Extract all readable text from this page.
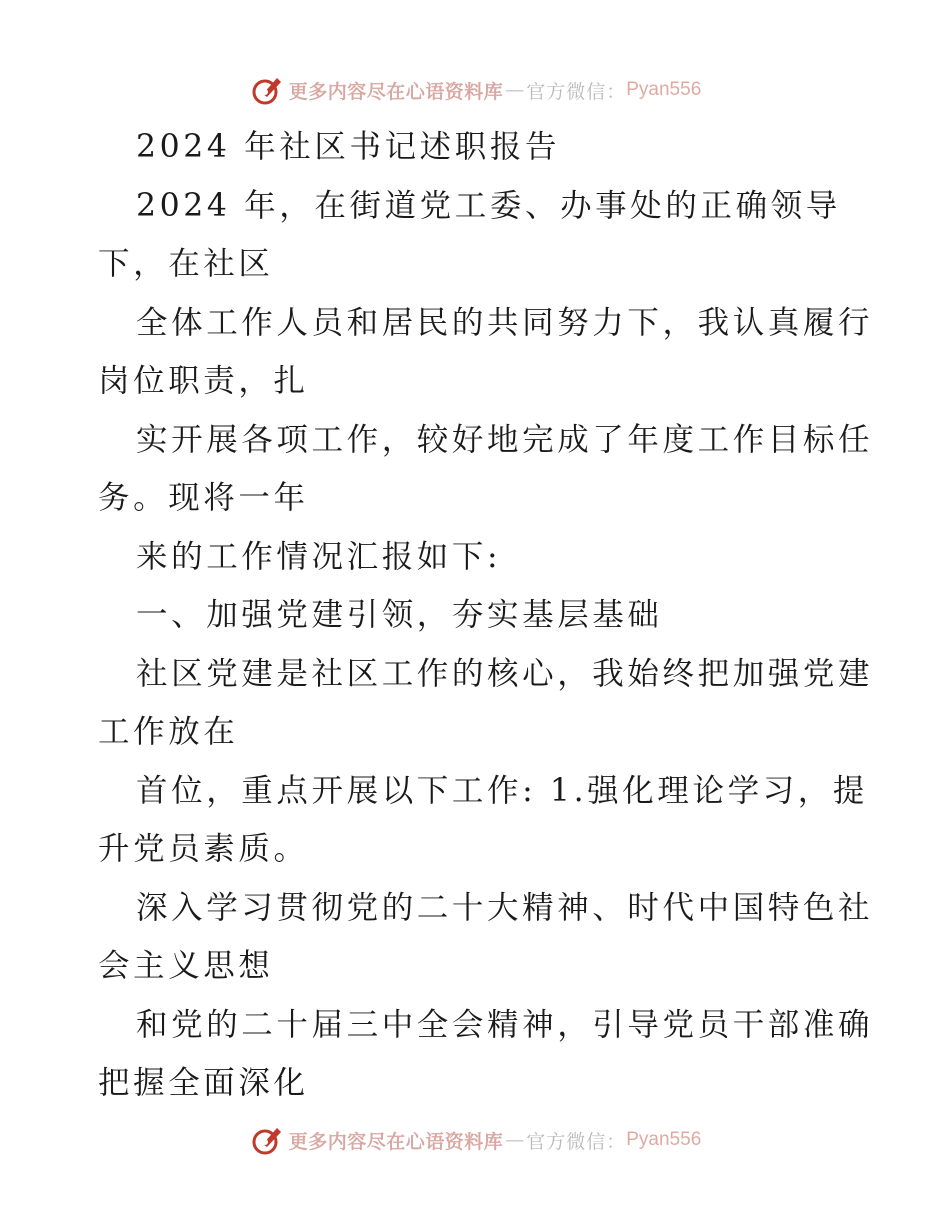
更多内容尽在心语资料库 — 官方微信： Pyan556
2024 年社区书记述职报告
2024 年，在街道党工委、办事处的正确领导
下，在社区
全体工作人员和居民的共同努力下，我认真履行
岗位职责，扎
实开展各项工作，较好地完成了年度工作目标任
务。现将一年
来的工作情况汇报如下:
一、加强党建引领，夯实基层基础
社区党建是社区工作的核心，我始终把加强党建
工作放在
首位，重点开展以下工作: 1.强化理论学习，提
升党员素质。
深入学习贯彻党的二十大精神、时代中国特色社
会主义思想
和党的二十届三中全会精神，引导党员干部准确
把握全面深化
更多内容尽在心语资料库 — 官方微信： Pyan556
